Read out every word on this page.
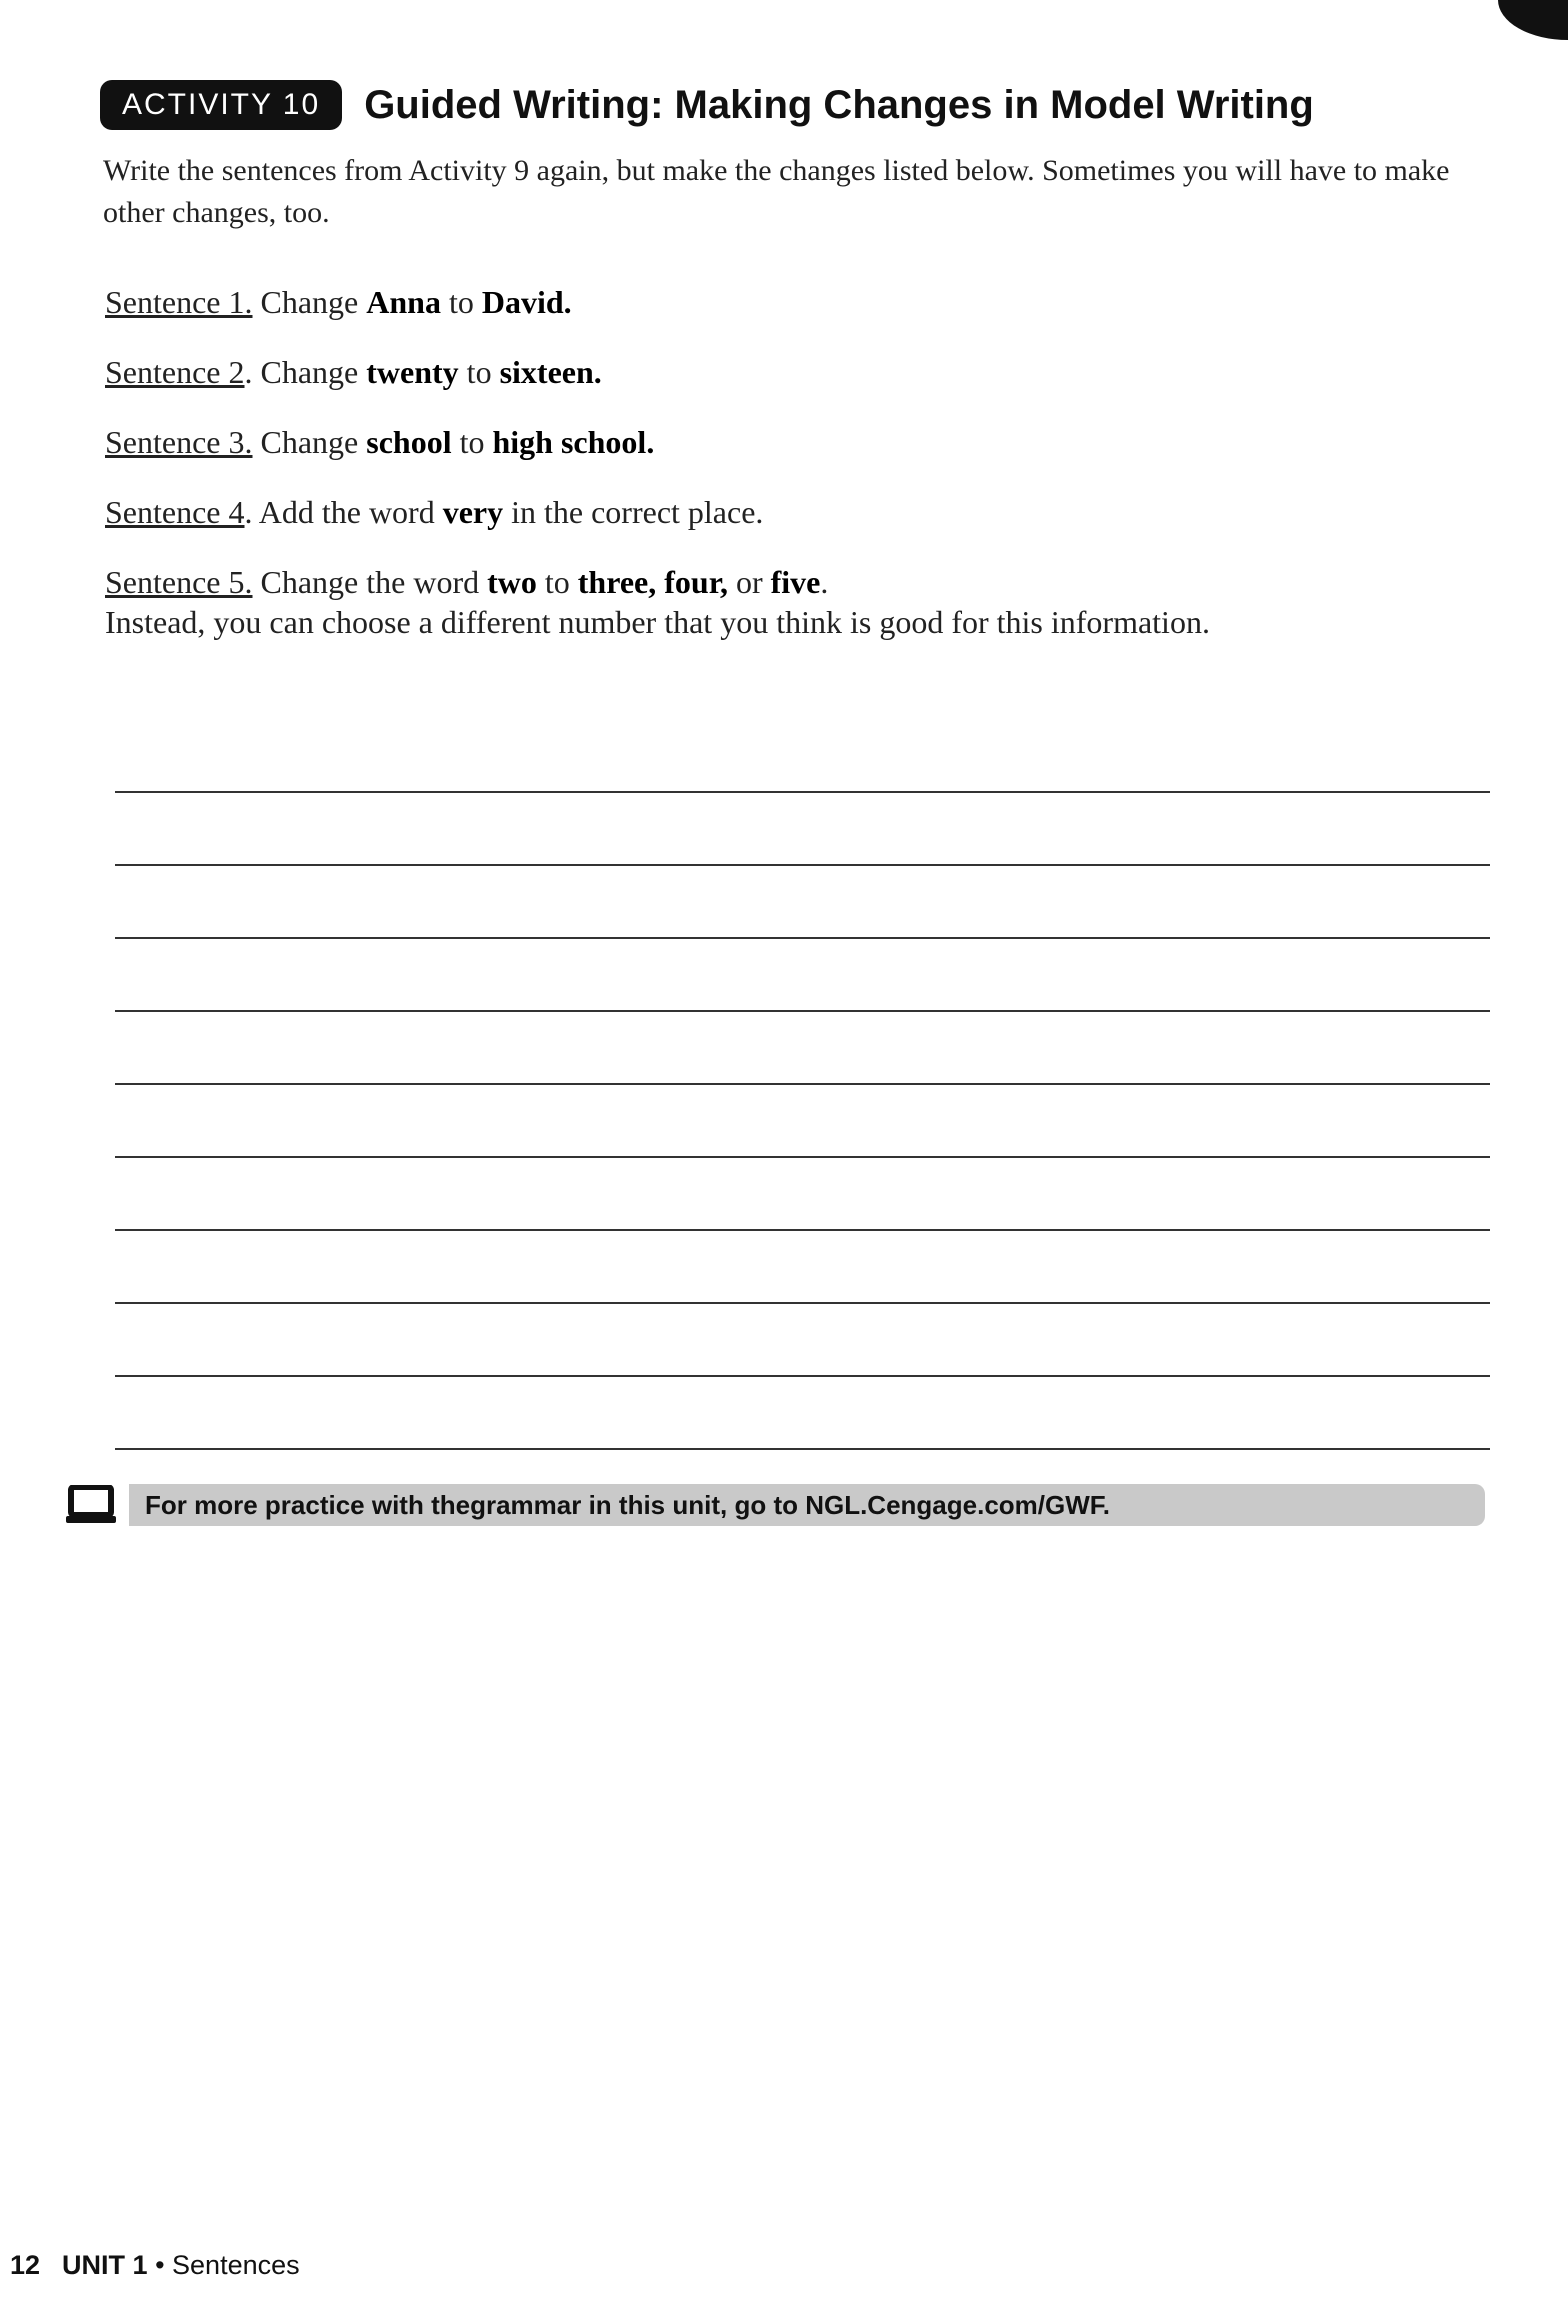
ACTIVITY 10	Guided Writing: Making Changes in Model Writing
Write the sentences from Activity 9 again, but make the changes listed below. Sometimes you will have to make other changes, too.
Sentence 1. Change Anna to David.
Sentence 2. Change twenty to sixteen.
Sentence 3. Change school to high school.
Sentence 4. Add the word very in the correct place.
Sentence 5. Change the word two to three, four, or five.
Instead, you can choose a different number that you think is good for this information.
For more practice with the grammar in this unit, go to NGL.Cengage.com/GWF.
12 UNIT 1 • Sentences
